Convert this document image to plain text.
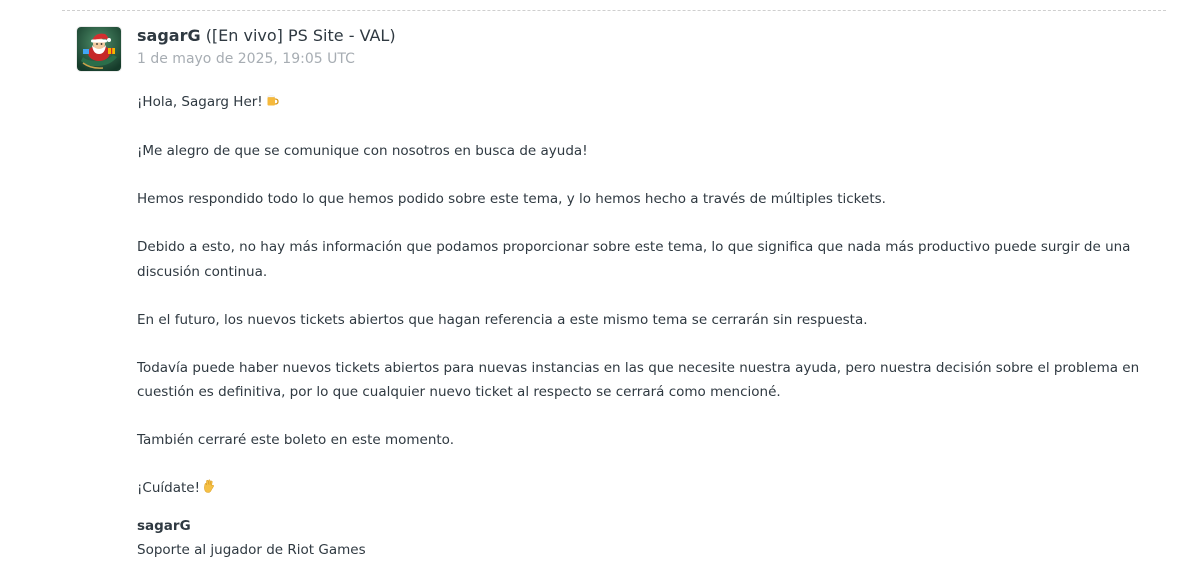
sagarG ([En vivo] PS Site - VAL)
1 de mayo de 2025, 19:05 UTC

¡Hola, Sagarg Her!

¡Me alegro de que se comunique con nosotros en busca de ayuda!

Hemos respondido todo lo que hemos podido sobre este tema, y lo hemos hecho a través de múltiples tickets.

Debido a esto, no hay más información que podamos proporcionar sobre este tema, lo que significa que nada más productivo puede surgir de una discusión continua.

En el futuro, los nuevos tickets abiertos que hagan referencia a este mismo tema se cerrarán sin respuesta.

Todavía puede haber nuevos tickets abiertos para nuevas instancias en las que necesite nuestra ayuda, pero nuestra decisión sobre el problema en cuestión es definitiva, por lo que cualquier nuevo ticket al respecto se cerrará como mencioné.

También cerraré este boleto en este momento.

¡Cuídate!

sagarG
Soporte al jugador de Riot Games
